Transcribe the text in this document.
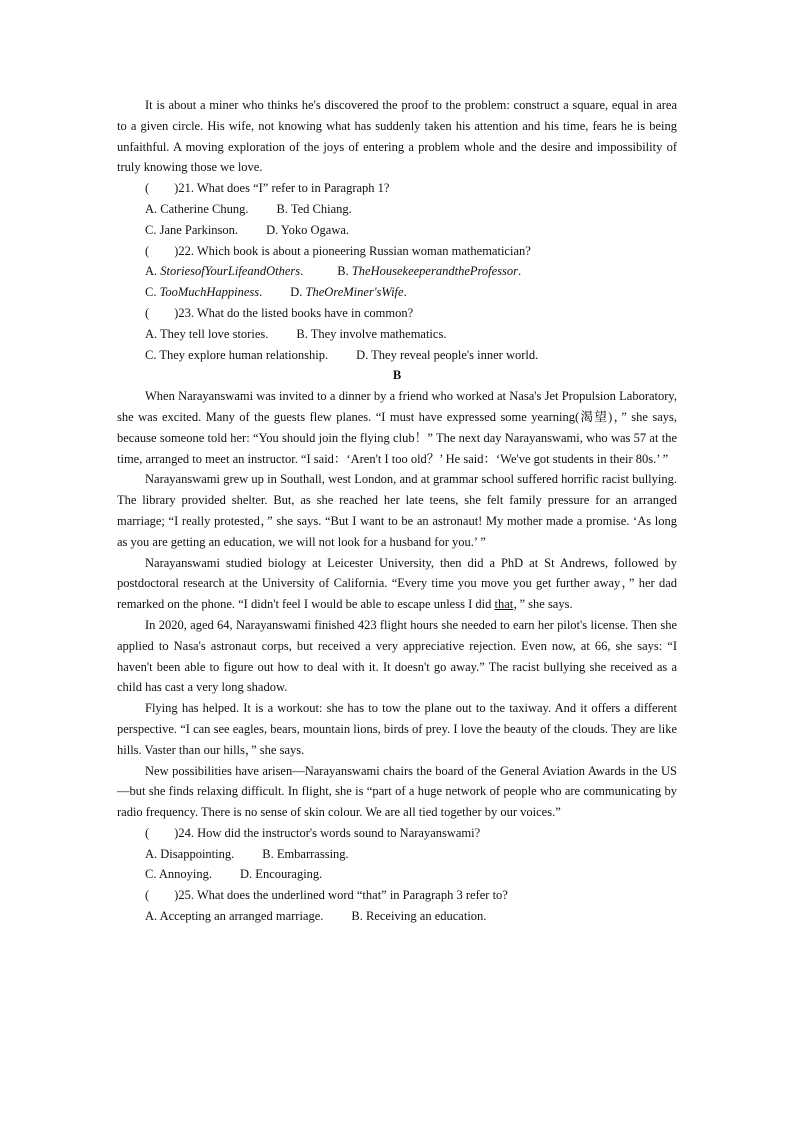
It is about a miner who thinks he's discovered the proof to the problem: construct a square, equal in area to a given circle. His wife, not knowing what has suddenly taken his attention and his time, fears he is being unfaithful. A moving exploration of the joys of entering a problem whole and the desire and impossibility of truly knowing those we love.

(        )21. What does “I” refer to in Paragraph 1?

A. Catherine Chung. B. Ted Chiang.

C. Jane Parkinson. D. Yoko Ogawa.

(        )22. Which book is about a pioneering Russian woman mathematician?

A. StoriesofYourLifeandOthers.	B. TheHousekeeperandtheProfessor.

C. TooMuchHappiness. D. TheOreMiner'sWife.

(        )23. What do the listed books have in common?

A. They tell love stories. B. They involve mathematics.

C. They explore human relationship. D. They reveal people's inner world.

B

When Narayanswami was invited to a dinner by a friend who worked at Nasa's Jet Propulsion Laboratory, she was excited. Many of the guests flew planes. “I must have expressed some yearning(渴望)，” she says, because someone told her: “You should join the flying club！” The next day Narayanswami, who was 57 at the time, arranged to meet an instructor. “I said：‘Aren't I too old？’ He said：‘We've got students in their 80s.’ ”

Narayanswami grew up in Southall, west London, and at grammar school suffered horrific racist bullying. The library provided shelter. But, as she reached her late teens, she felt family pressure for an arranged marriage; “I really protested，” she says. “But I want to be an astronaut! My mother made a promise. ‘As long as you are getting an education, we will not look for a husband for you.’ ”

Narayanswami studied biology at Leicester University, then did a PhD at St Andrews, followed by postdoctoral research at the University of California. “Every time you move you get further away，” her dad remarked on the phone. “I didn't feel I would be able to escape unless I did that，” she says.

In 2020, aged 64, Narayanswami finished 423 flight hours she needed to earn her pilot's license. Then she applied to Nasa's astronaut corps, but received a very appreciative rejection. Even now, at 66, she says: “I haven't been able to figure out how to deal with it. It doesn't go away.” The racist bullying she received as a child has cast a very long shadow.

Flying has helped. It is a workout: she has to tow the plane out to the taxiway. And it offers a different perspective. “I can see eagles, bears, mountain lions, birds of prey. I love the beauty of the clouds. They are like hills. Vaster than our hills，” she says.

New possibilities have arisen—Narayanswami chairs the board of the General Aviation Awards in the US—but she finds relaxing difficult. In flight, she is “part of a huge network of people who are communicating by radio frequency. There is no sense of skin colour. We are all tied together by our voices.”

(        )24. How did the instructor's words sound to Narayanswami?

A. Disappointing. B. Embarrassing.

C. Annoying. D. Encouraging.

(        )25. What does the underlined word “that” in Paragraph 3 refer to?

A. Accepting an arranged marriage. B. Receiving an education.
